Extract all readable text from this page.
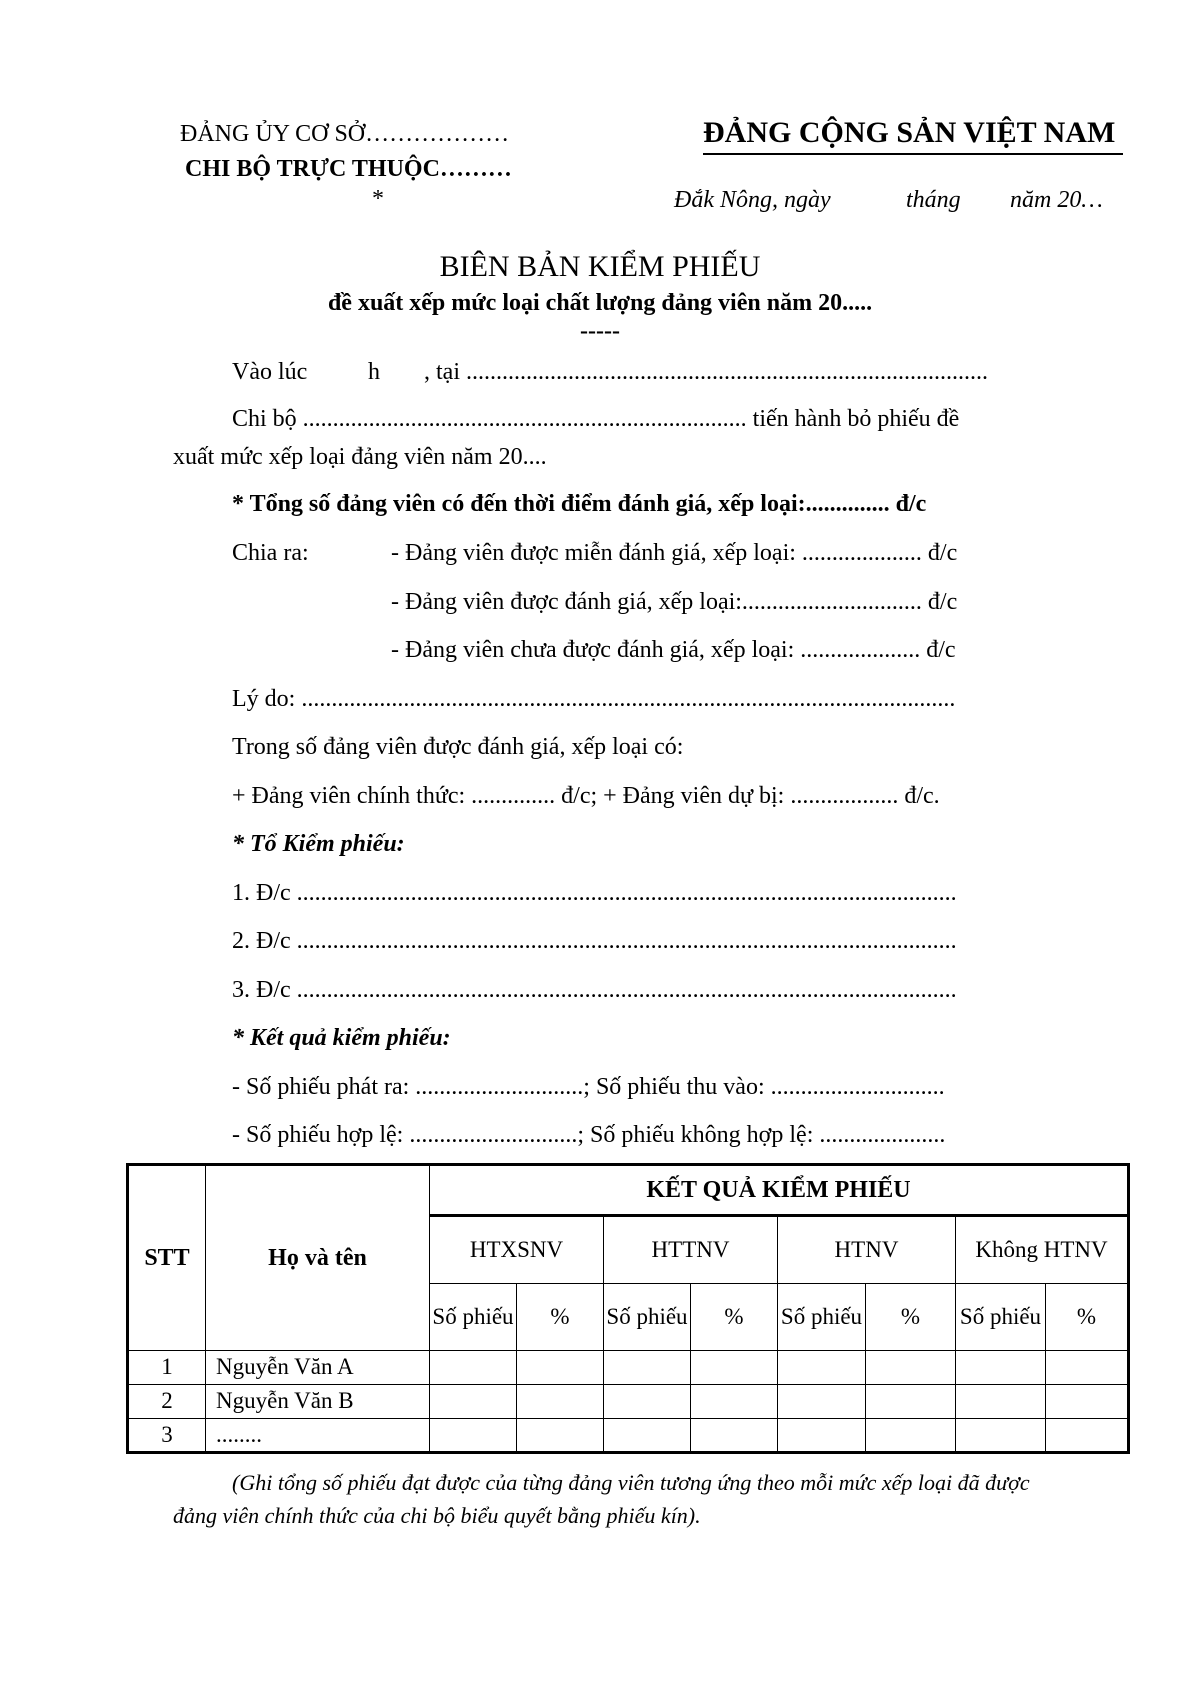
ĐẢNG ỦY CƠ SỞ………………
CHI BỘ TRỰC THUỘC………
*
ĐẢNG CỘNG SẢN VIỆT NAM
Đắk Nông, ngày	tháng năm 20…
BIÊN BẢN KIỂM PHIẾU
đề xuất xếp mức loại chất lượng đảng viên năm 20.....
-----
Vào lúc	h , tại .......................................................................................
Chi bộ .......................................................................... tiến hành bỏ phiếu đề
xuất mức xếp loại đảng viên năm 20....
* Tổng số đảng viên có đến thời điểm đánh giá, xếp loại:.............. đ/c
Chia ra:	- Đảng viên được miễn đánh giá, xếp loại: .................... đ/c
- Đảng viên được đánh giá, xếp loại:.............................. đ/c
- Đảng viên chưa được đánh giá, xếp loại: .................... đ/c
Lý do: .............................................................................................................
Trong số đảng viên được đánh giá, xếp loại có:
+ Đảng viên chính thức: .............. đ/c; + Đảng viên dự bị: .................. đ/c.
* Tổ Kiểm phiếu:
1. Đ/c ..............................................................................................................
2. Đ/c ..............................................................................................................
3. Đ/c ..............................................................................................................
* Kết quả kiểm phiếu:
- Số phiếu phát ra: ............................; Số phiếu thu vào: .............................
- Số phiếu hợp lệ: ............................; Số phiếu không hợp lệ: .....................
STT	Họ và tên	KẾT QUẢ KIỂM PHIẾU							
		HTXSNV		HTTNV		HTNV		Không HTNV	
		Số phiếu	%	Số phiếu	%	Số phiếu	%	Số phiếu	%
1	Nguyễn Văn A								
2	Nguyễn Văn B								
3	........								
(Ghi tổng số phiếu đạt được của từng đảng viên tương ứng theo mỗi mức xếp loại đã được
đảng viên chính thức của chi bộ biểu quyết bằng phiếu kín).
